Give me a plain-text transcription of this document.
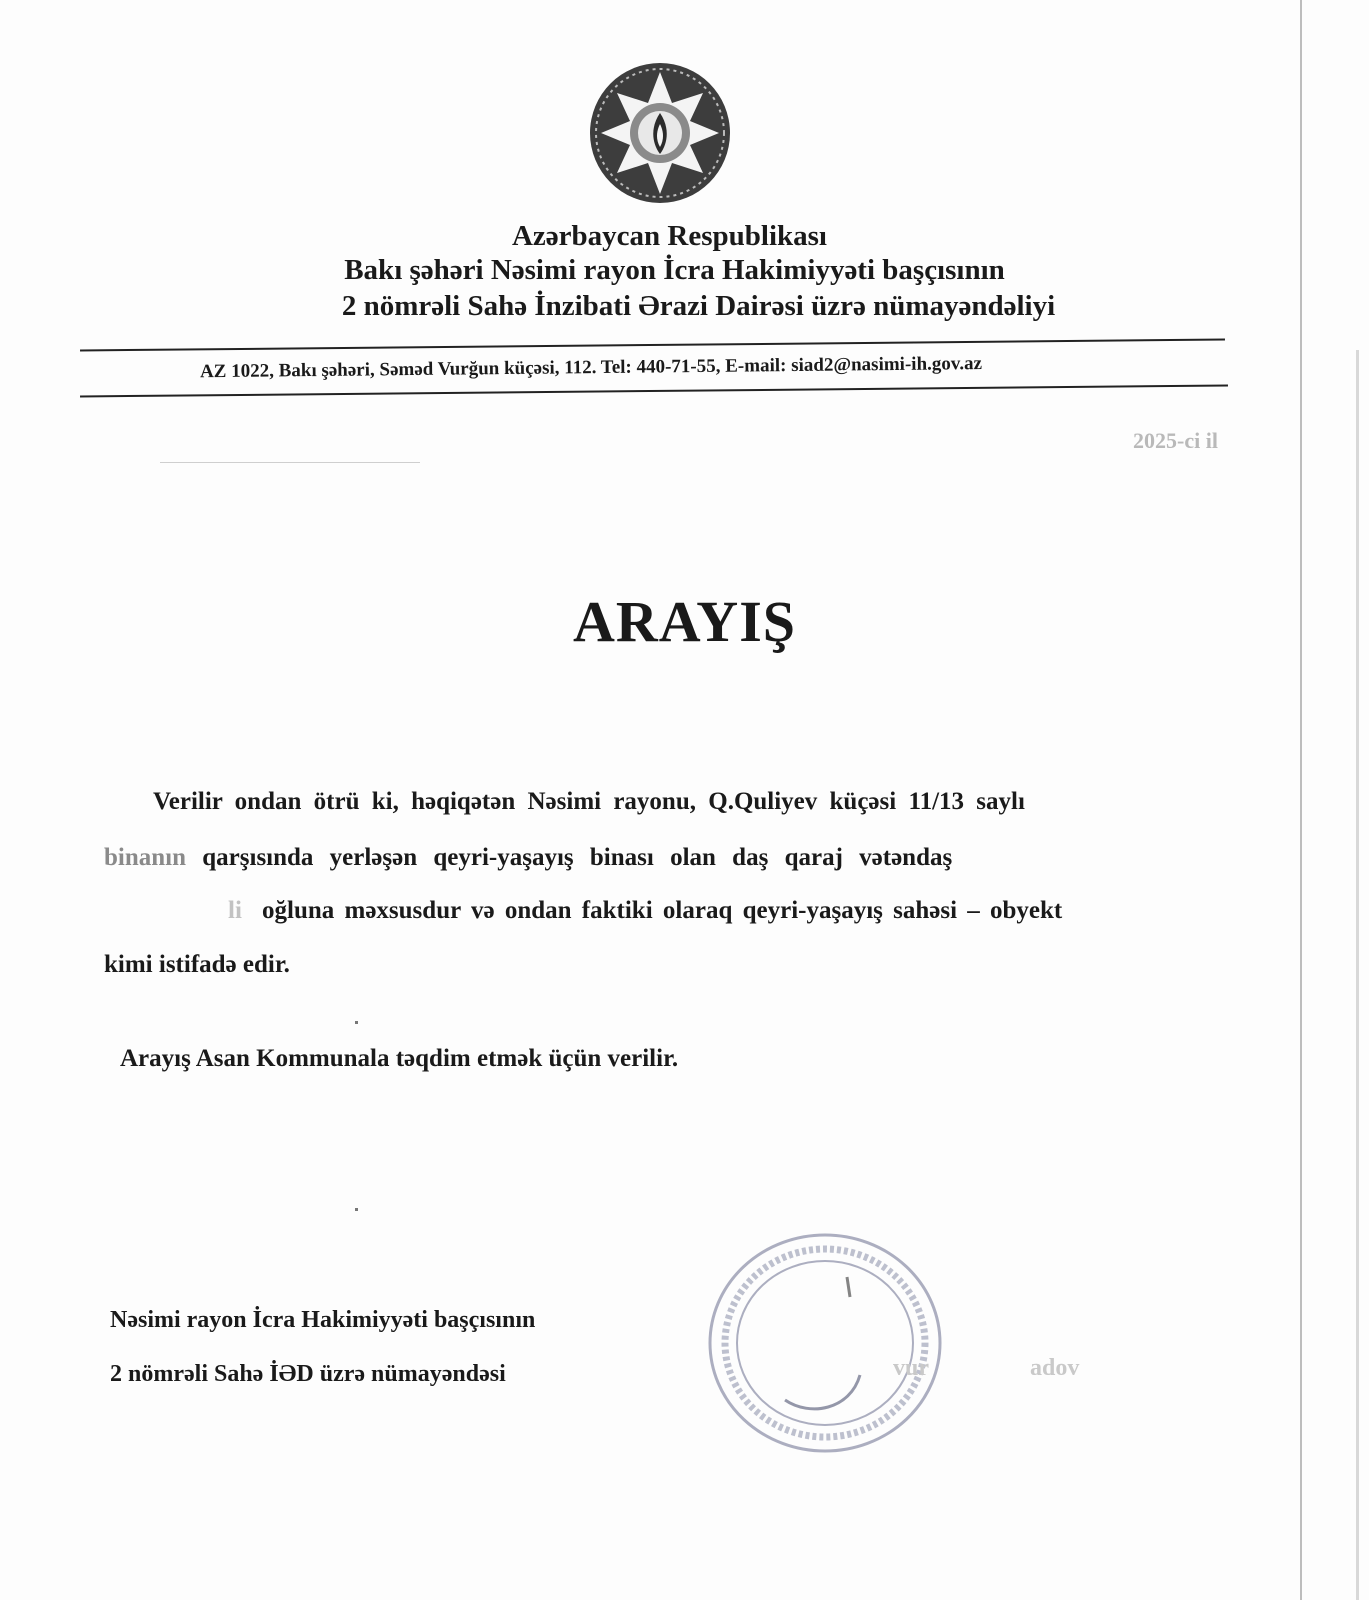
Azərbaycan Respublikası
Bakı şəhəri Nəsimi rayon İcra Hakimiyyəti başçısının
2 nömrəli Sahə İnzibati Ərazi Dairəsi üzrə nümayəndəliyi
AZ 1022, Bakı şəhəri, Səməd Vurğun küçəsi, 112. Tel: 440-71-55, E-mail: siad2@nasimi-ih.gov.az
2025-ci il
ARAYIŞ
Verilir ondan ötrü ki, həqiqətən Nəsimi rayonu, Q.Quliyev küçəsi 11/13 saylı
binanın qarşısında yerləşən qeyri-yaşayış binası olan daş qaraj vətəndaş
li oğluna məxsusdur və ondan faktiki olaraq qeyri-yaşayış sahəsi – obyekt
kimi istifadə edir.
Arayış Asan Kommunala təqdim etmək üçün verilir.
Nəsimi rayon İcra Hakimiyyəti başçısının
2 nömrəli Sahə İƏD üzrə nümayəndəsi	vur	adov
